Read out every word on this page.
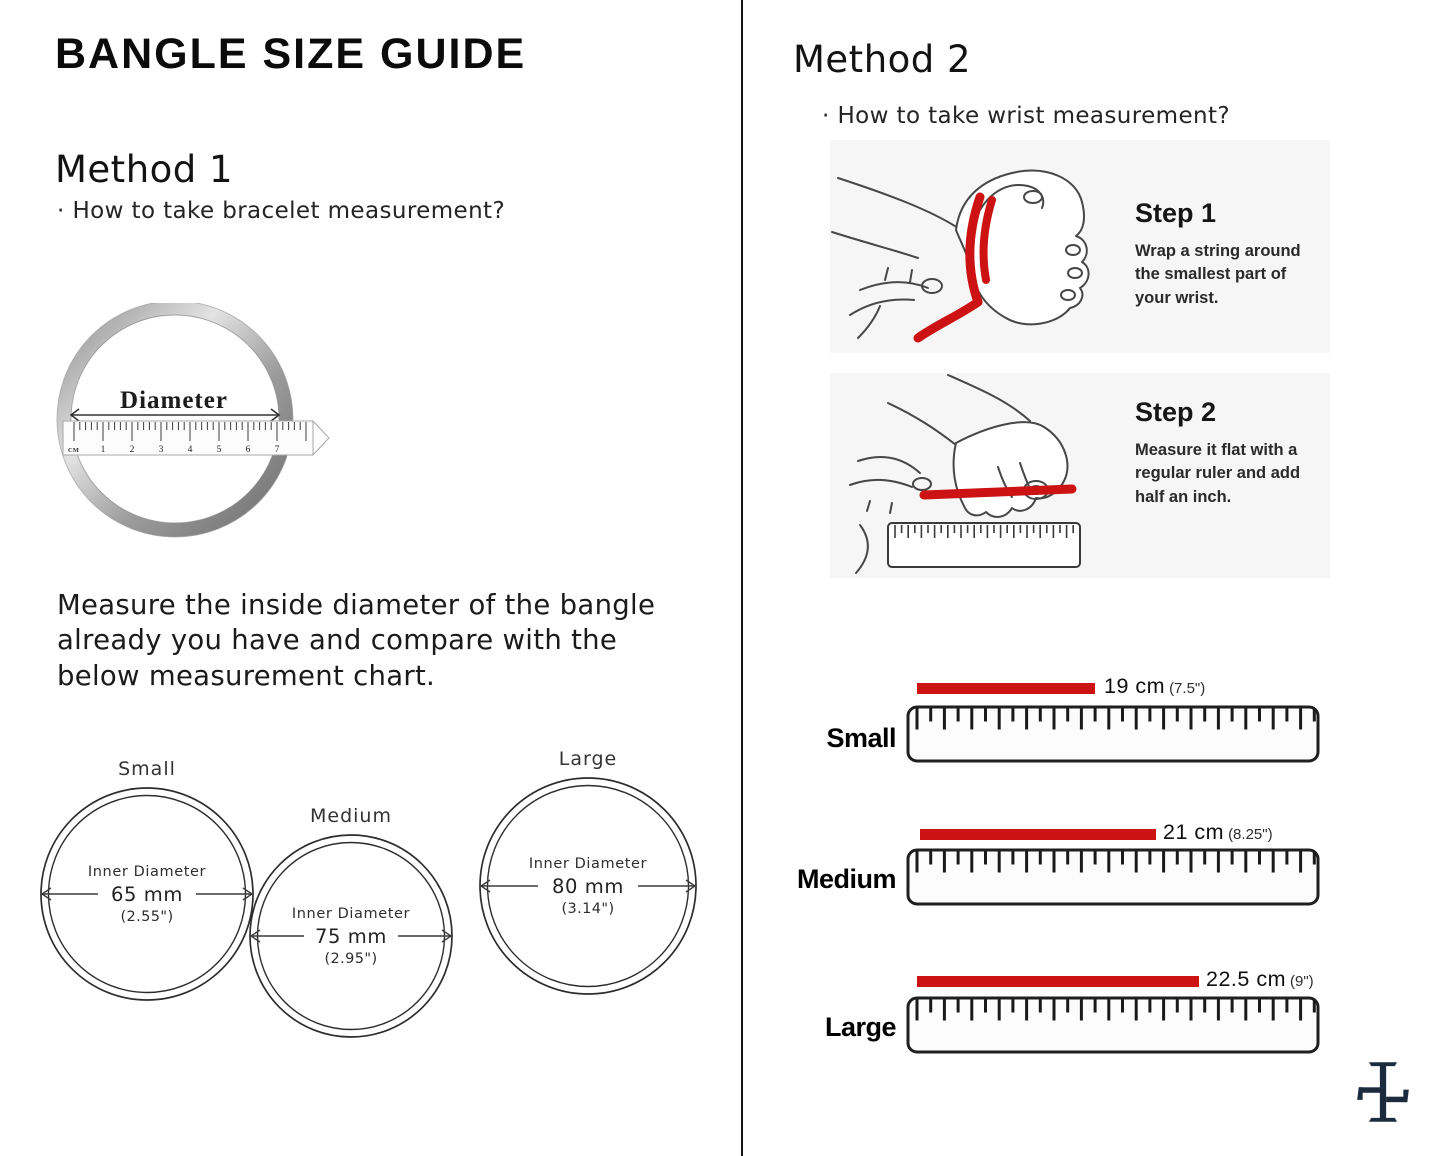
BANGLE SIZE GUIDE
Method 1
· How to take bracelet measurement?
Diameter
CM 1	2	3	4	5	6	7

Measure the inside diameter of the bangle already you have and compare with the below measurement chart.

Small
Inner Diameter
65 mm
(2.55")
Medium
Inner Diameter
75 mm
(2.95")
Large
Inner Diameter
80 mm
(3.14")
Method 2
· How to take wrist measurement?
Step 1
Wrap a string around the smallest part of your wrist.
Step 2
Measure it flat with a regular ruler and add half an inch.
Small
19 cm (7.5")
Medium
21 cm (8.25")
Large
22.5 cm (9")
